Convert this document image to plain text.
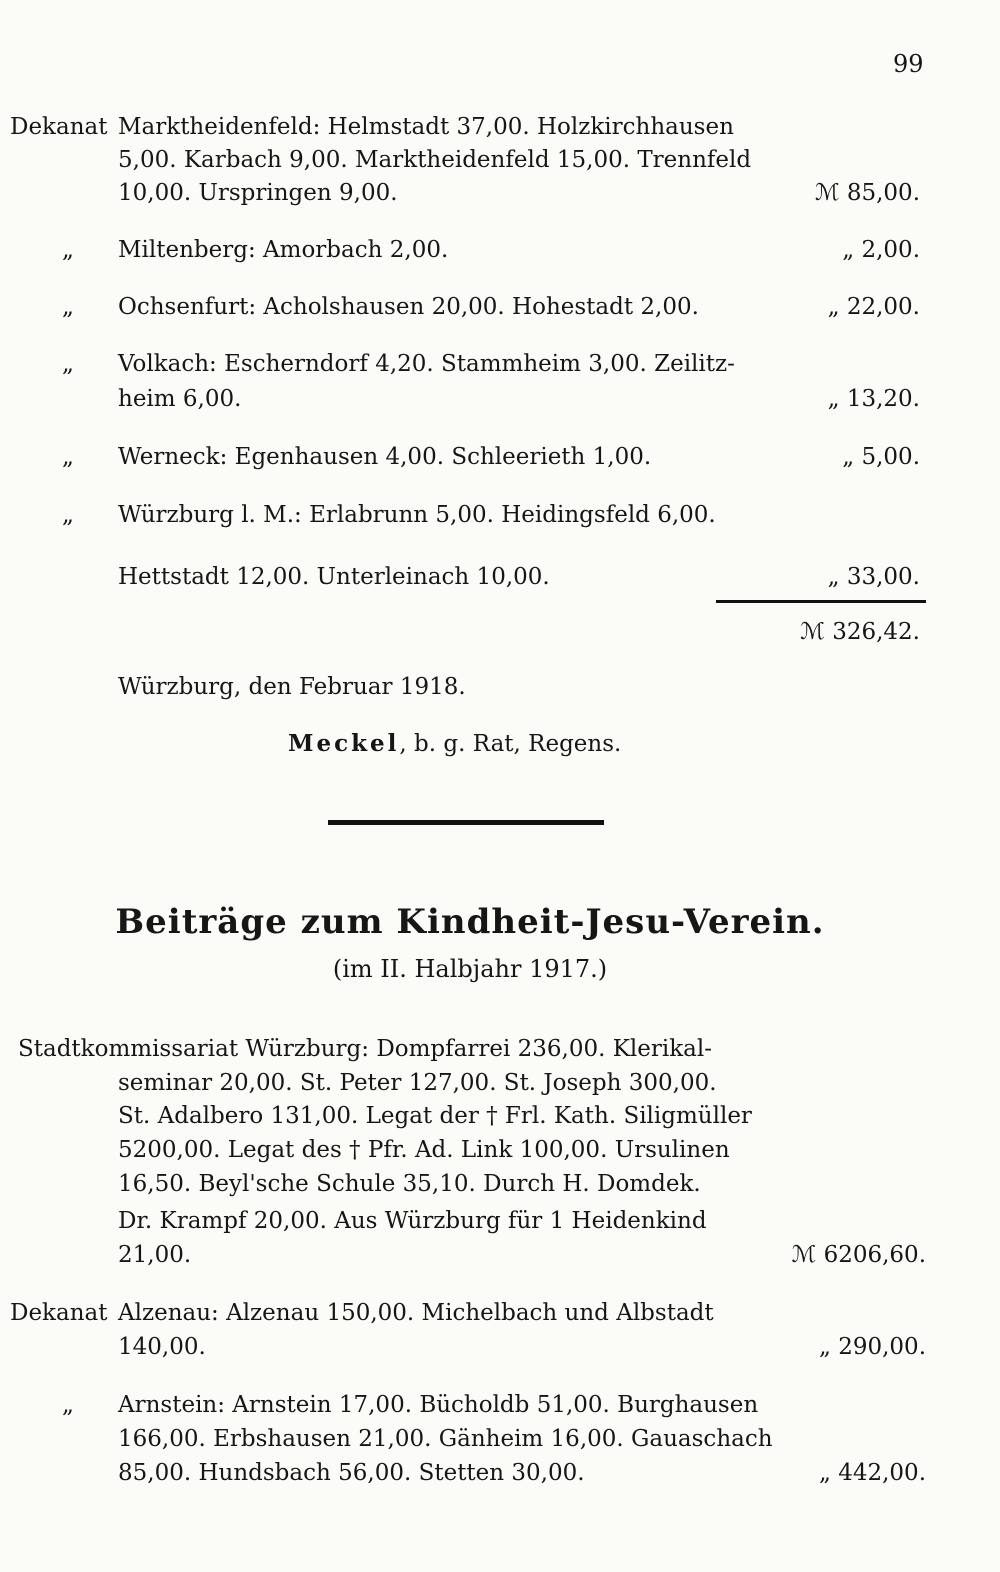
99
Dekanat Marktheidenfeld: Helmstadt 37,00. Holzkirchhausen
5,00. Karbach 9,00. Marktheidenfeld 15,00. Trennfeld
10,00. Urspringen 9,00.	ℳ 85,00.
„ Miltenberg: Amorbach 2,00.	„ 2,00.
„ Ochsenfurt: Acholshausen 20,00. Hohestadt 2,00.	„ 22,00.
„ Volkach: Escherndorf 4,20. Stammheim 3,00. Zeilitz-
heim 6,00.	„ 13,20.
„ Werneck: Egenhausen 4,00. Schleerieth 1,00.	„ 5,00.
„ Würzburg l. M.: Erlabrunn 5,00. Heidingsfeld 6,00.
Hettstadt 12,00. Unterleinach 10,00.	„ 33,00.
ℳ 326,42.
Würzburg, den Februar 1918.
Meckel, b. g. Rat, Regens.
Beiträge zum Kindheit-Jesu-Verein.
(im II. Halbjahr 1917.)
Stadtkommissariat Würzburg: Dompfarrei 236,00. Klerikal-
seminar 20,00. St. Peter 127,00. St. Joseph 300,00.
St. Adalbero 131,00. Legat der † Frl. Kath. Siligmüller
5200,00. Legat des † Pfr. Ad. Link 100,00. Ursulinen
16,50. Beyl'sche Schule 35,10. Durch H. Domdek.
Dr. Krampf 20,00. Aus Würzburg für 1 Heidenkind
21,00.	ℳ 6206,60.
Dekanat Alzenau: Alzenau 150,00. Michelbach und Albstadt
140,00.	„ 290,00.
„ Arnstein: Arnstein 17,00. Bücholdb 51,00. Burghausen
166,00. Erbshausen 21,00. Gänheim 16,00. Gauaschach
85,00. Hundsbach 56,00. Stetten 30,00.	„ 442,00.
